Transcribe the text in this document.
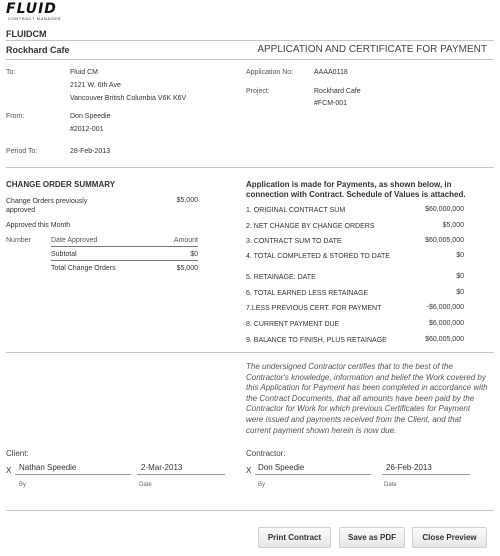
FLUID
CONTRACT MANAGER
FLUIDCM
Rockhard Cafe	APPLICATION AND CERTIFICATE FOR PAYMENT
To:	Fluid CM
2121 W. 6th Ave
Vancouver British Columbia V6K K6V
From:	Don Speedie
#2012-001
Period To:	28-Feb-2013
Application No:	AAAA0118
Project:	Rockhard Cafe
#FCM-001
CHANGE ORDER SUMMARY
Change Orders previously approved
$5,000
Approved this Month
Number	Date Approved	Amount
Subtotal	$0
Total Change Orders	$5,000
Application is made for Payments, as shown below, in connection with Contract. Schedule of Values is attached.
1. ORIGINAL CONTRACT SUM	$60,000,000
2. NET CHANGE BY CHANGE ORDERS	$5,000
3. CONTRACT SUM TO DATE	$60,005,000
4. TOTAL COMPLETED & STORED TO DATE	$0
5. RETAINAGE: DATE	$0
6. TOTAL EARNED LESS RETAINAGE	$0
7.LESS PREVIOUS CERT. FOR PAYMENT	-$6,000,000
8. CURRENT PAYMENT DUE	$6,000,000
9. BALANCE TO FINISH, PLUS RETAINAGE	$60,005,000
The undersigned Contractor certifies that to the best of the Contractor's knowledge, information and belief the Work covered by this Application for Payment has been completed in accordance with the Contract Documents, that all amounts have been paid by the Contractor for Work for which previous Certificates for Payment were issued and payments received from the Client, and that current payment shown herein is now due.
Client:
X Nathan Speedie	2-Mar-2013
By	Date
Contractor:
X Don Speedie	26-Feb-2013
By	Date
Print Contract	Save as PDF	Close Preview
